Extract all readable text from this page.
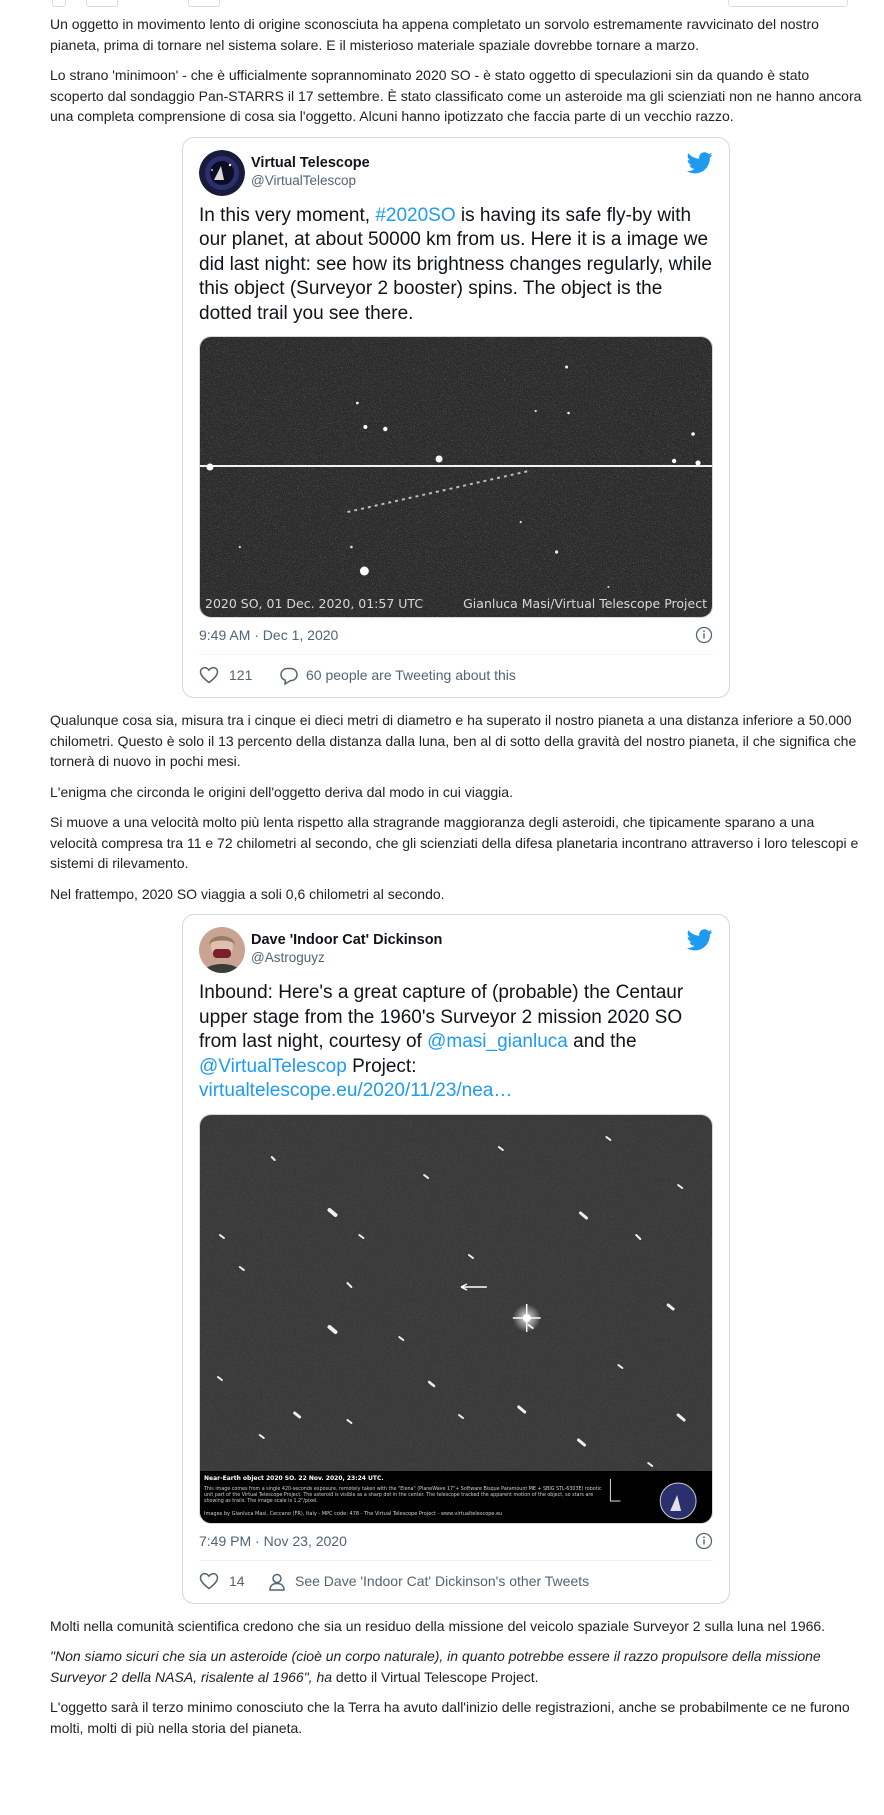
Un oggetto in movimento lento di origine sconosciuta ha appena completato un sorvolo estremamente ravvicinato del nostro pianeta, prima di tornare nel sistema solare. E il misterioso materiale spaziale dovrebbe tornare a marzo.

Lo strano 'minimoon' - che è ufficialmente soprannominato 2020 SO - è stato oggetto di speculazioni sin da quando è stato scoperto dal sondaggio Pan-STARRS il 17 settembre. È stato classificato come un asteroide ma gli scienziati non ne hanno ancora una completa comprensione di cosa sia l'oggetto. Alcuni hanno ipotizzato che faccia parte di un vecchio razzo.

Virtual Telescope
@VirtualTelescop
In this very moment, #2020SO is having its safe fly-by with our planet, at about 50000 km from us. Here it is a image we did last night: see how its brightness changes regularly, while this object (Surveyor 2 booster) spins. The object is the dotted trail you see there.
2020 SO, 01 Dec. 2020, 01:57 UTC	Gianluca Masi/Virtual Telescope Project
9:49 AM · Dec 1, 2020
121	60 people are Tweeting about this

Qualunque cosa sia, misura tra i cinque ei dieci metri di diametro e ha superato il nostro pianeta a una distanza inferiore a 50.000 chilometri. Questo è solo il 13 percento della distanza dalla luna, ben al di sotto della gravità del nostro pianeta, il che significa che tornerà di nuovo in pochi mesi.

L'enigma che circonda le origini dell'oggetto deriva dal modo in cui viaggia.

Si muove a una velocità molto più lenta rispetto alla stragrande maggioranza degli asteroidi, che tipicamente sparano a una velocità compresa tra 11 e 72 chilometri al secondo, che gli scienziati della difesa planetaria incontrano attraverso i loro telescopi e sistemi di rilevamento.

Nel frattempo, 2020 SO viaggia a soli 0,6 chilometri al secondo.

Dave 'Indoor Cat' Dickinson
@Astroguyz
Inbound: Here's a great capture of (probable) the Centaur upper stage from the 1960's Surveyor 2 mission 2020 SO from last night, courtesy of @masi_gianluca and the @VirtualTelescop Project: virtualtelescope.eu/2020/11/23/nea…
Near-Earth object 2020 SO. 22 Nov. 2020, 23:24 UTC.
This image comes from a single 420-seconds exposure, remotely taken with the "Elena" (PlaneWave 17"+ Software Bisque Paramount ME + SBIG STL-6303E) robotic unit part of the Virtual Telescope Project. The asteroid is visible as a sharp dot in the center. The telescope tracked the apparent motion of the object, so stars are showing as trails. The image scale is 1.2"/pixel.
Images by Gianluca Masi, Ceccano (FR), Italy - MPC code: 478 - The Virtual Telescope Project - www.virtualtelescope.eu
7:49 PM · Nov 23, 2020
14	See Dave 'Indoor Cat' Dickinson's other Tweets

Molti nella comunità scientifica credono che sia un residuo della missione del veicolo spaziale Surveyor 2 sulla luna nel 1966.

"Non siamo sicuri che sia un asteroide (cioè un corpo naturale), in quanto potrebbe essere il razzo propulsore della missione Surveyor 2 della NASA, risalente al 1966", ha detto il Virtual Telescope Project.

L'oggetto sarà il terzo minimo conosciuto che la Terra ha avuto dall'inizio delle registrazioni, anche se probabilmente ce ne furono molti, molti di più nella storia del pianeta.
